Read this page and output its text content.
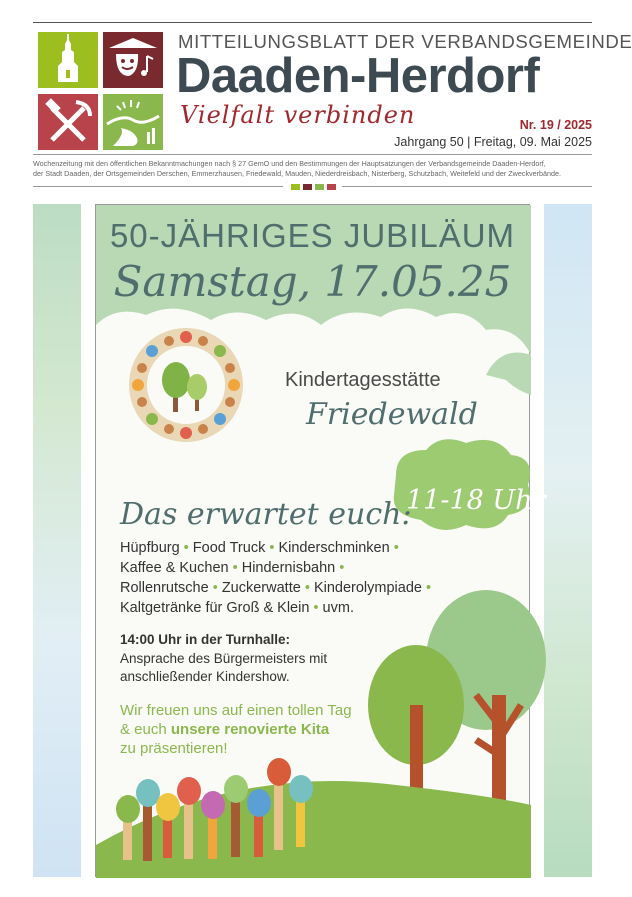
MITTEILUNGSBLATT DER VERBANDSGEMEINDE
Daaden-Herdorf
Vielfalt verbinden	Nr. 19 / 2025
Jahrgang 50 | Freitag, 09. Mai 2025
Wochenzeitung mit den öffentlichen Bekanntmachungen nach § 27 GemO und den Bestimmungen der Hauptsatzungen der Verbandsgemeinde Daaden-Herdorf,
der Stadt Daaden, der Ortsgemeinden Derschen, Emmerzhausen, Friedewald, Mauden, Niederdreisbach, Nisterberg, Schutzbach, Weitefeld und der Zweckverbände.
50-JÄHRIGES JUBILÄUM
Samstag, 17.05.25
Kindertagesstätte
Friedewald
11-18 Uhr
Das erwartet euch:
Hüpfburg • Food Truck • Kinderschminken •
Kaffee & Kuchen • Hindernisbahn •
Rollenrutsche • Zuckerwatte • Kinderolympiade •
Kaltgetränke für Groß & Klein • uvm.
14:00 Uhr in der Turnhalle:
Ansprache des Bürgermeisters mit
anschließender Kindershow.
Wir freuen uns auf einen tollen Tag
& euch unsere renovierte Kita
zu präsentieren!
